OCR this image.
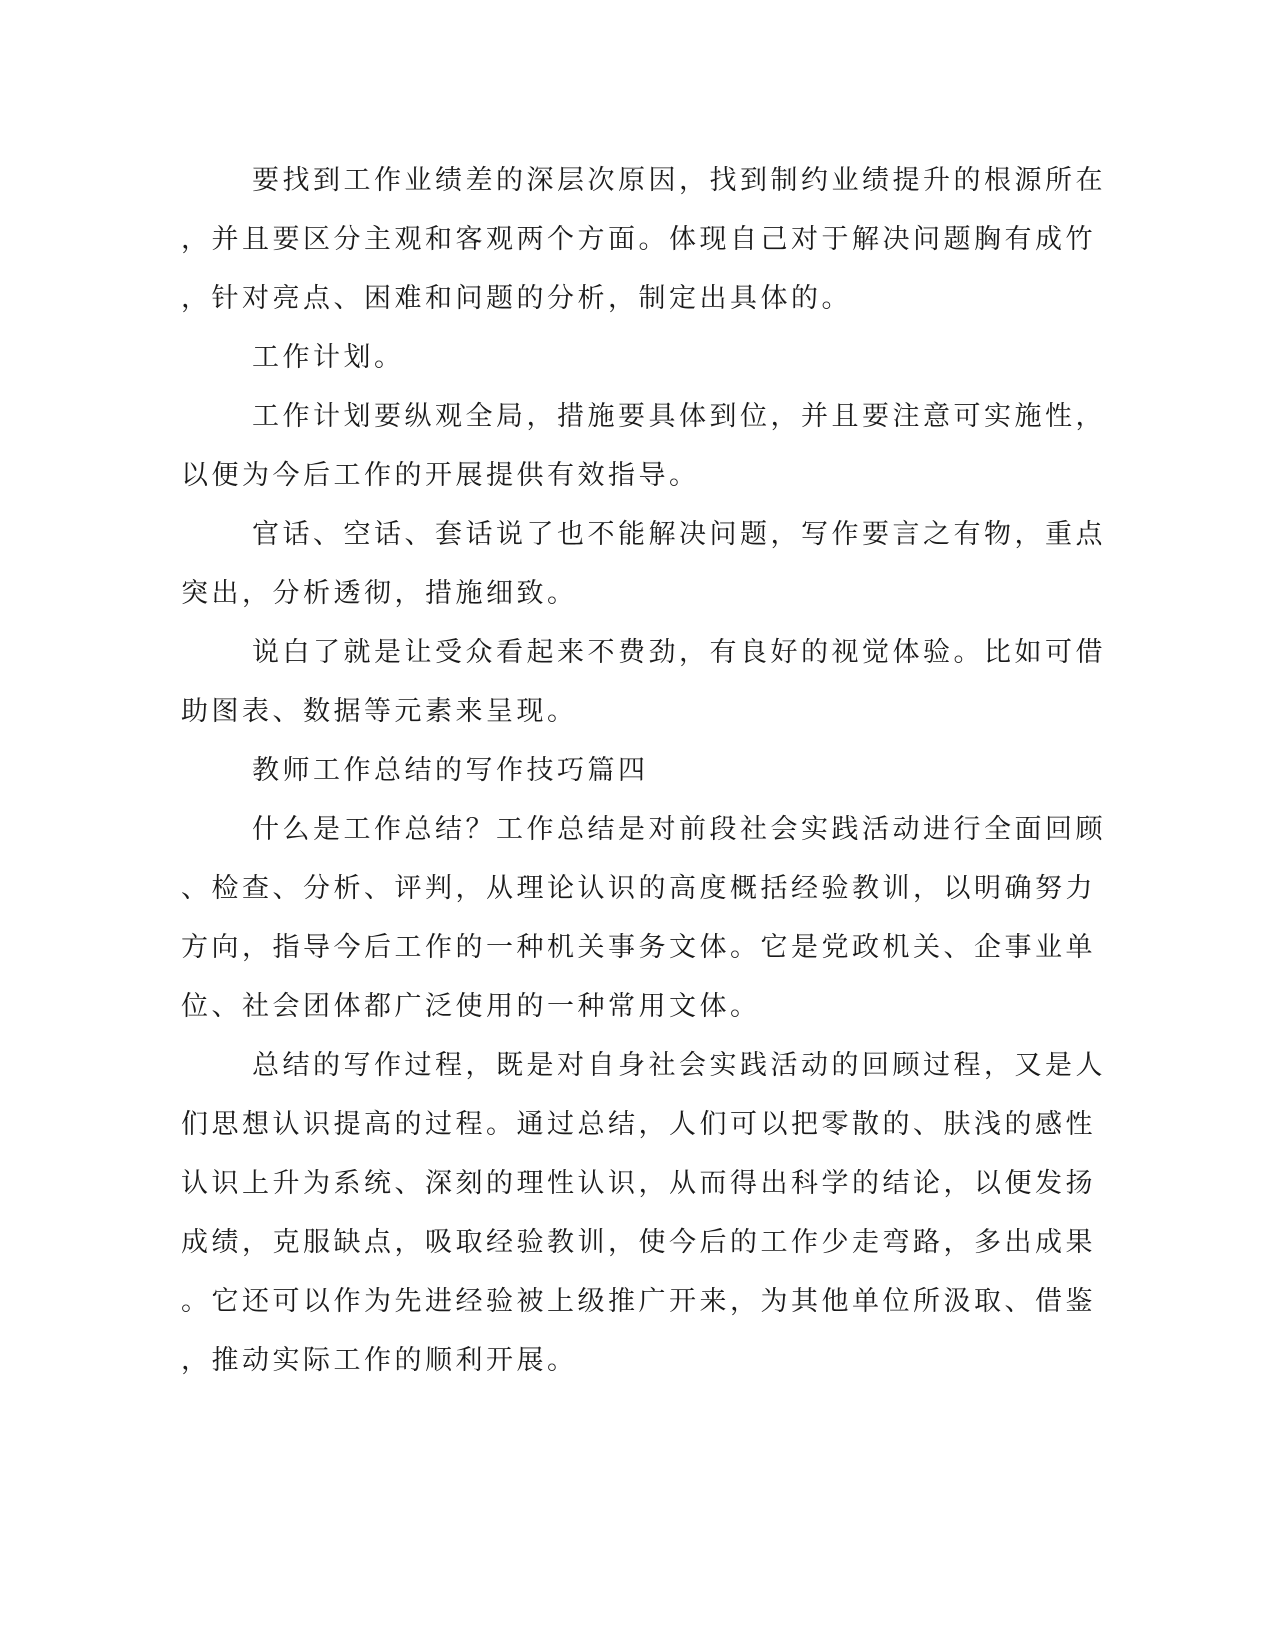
要找到工作业绩差的深层次原因，找到制约业绩提升的根源所在

，并且要区分主观和客观两个方面。体现自己对于解决问题胸有成竹

，针对亮点、困难和问题的分析，制定出具体的。

工作计划。

工作计划要纵观全局，措施要具体到位，并且要注意可实施性，

以便为今后工作的开展提供有效指导。

官话、空话、套话说了也不能解决问题，写作要言之有物，重点

突出，分析透彻，措施细致。

说白了就是让受众看起来不费劲，有良好的视觉体验。比如可借

助图表、数据等元素来呈现。

教师工作总结的写作技巧篇四

什么是工作总结？工作总结是对前段社会实践活动进行全面回顾

、检查、分析、评判，从理论认识的高度概括经验教训，以明确努力

方向，指导今后工作的一种机关事务文体。它是党政机关、企事业单

位、社会团体都广泛使用的一种常用文体。

总结的写作过程，既是对自身社会实践活动的回顾过程，又是人

们思想认识提高的过程。通过总结，人们可以把零散的、肤浅的感性

认识上升为系统、深刻的理性认识，从而得出科学的结论，以便发扬

成绩，克服缺点，吸取经验教训，使今后的工作少走弯路，多出成果

。它还可以作为先进经验被上级推广开来，为其他单位所汲取、借鉴

，推动实际工作的顺利开展。
